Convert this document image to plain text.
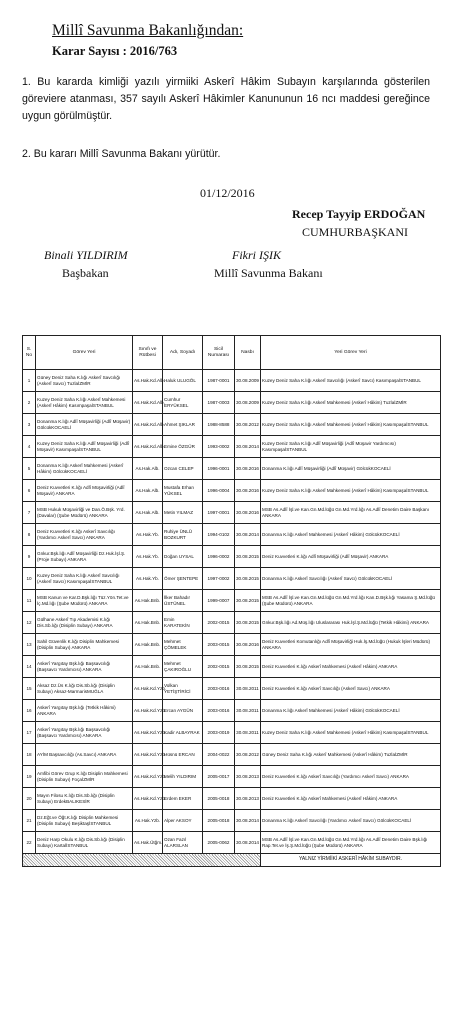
Millî Savunma Bakanlığından:
Karar Sayısı : 2016/763
1. Bu kararda kimliği yazılı yirmiiki Askerî Hâkim Subayın karşılarında gösterilen göreviere atanması, 357 sayılı Askerî Hâkimler Kanununun 16 ncı maddesi gereğince uygun görülmüştür.
2. Bu kararı Millî Savunma Bakanı yürütür.
01/12/2016
Recep Tayyip ERDOĞAN
CUMHURBAŞKANI
Binali YILDIRIM
Başbakan
Fikri IŞIK
Millî Savunma Bakanı
S. No	Görev Yeri	Sınıfı ve Rütbesi	Adı, Soyadı	Sicil Numarası	Nasbı	Yeri Görev Yeri
1	Güney Deniz Saha K.lığı Askerî Savcılığı (Askerî Savcı) TuzlaİZMİR	As.Hak.Kd.Alb.	Haluk ULUGÖL	1987-0001	30.08.2009	Kuzey Deniz Saha K.lığı Askerî Savcılığı (Askerî Savcı) KasımpaşaİSTANBUL
2	Kuzey Deniz Saha K.lığı Askerî Mahkemesi (Askerî Hâkim) KasımpaşaİSTANBUL	As.Hak.Kd.Alb.	Cumhur ERYÜKSEL	1987-0003	30.08.2009	Kuzey Deniz Saha K.lığı Askerî Mahkemesi (Askerî Hâkim) TuzlaİZMİR
3	Donanma K.lığı Adlî Müşavirliği (Adlî Müşavir) GölcükKOCAELİ	As.Hak.Kd.Alb.	Ahmet ŞIKLAR	1988-8588	30.08.2012	Kuzey Deniz Saha K.lığı Askerî Mahkemesi (Askerî Hâkim) KasımpaşaİSTANBUL
4	Kuzey Deniz Saha K.lığı Adlî Müşavirliği (Adlî Müşavir) KasımpaşaİSTANBUL	As.Hak.Kd.Alb.	Emine ÖZGÜR	1993-0002	30.08.2014	Kuzey Deniz Saha K.lığı Adlî Müşavirliği (Adlî Müşavir Yardımcısı) KasımpaşaİSTANBUL
5	Donanma K.lığı Askerî Mahkemesi (Askerî Hâkim) GölcükKOCAELİ	As.Hak.Alb.	Ozcan CELEP	1996-0001	30.08.2016	Donanma K.lığı Adlî Müşavirliği (Adlî Müşavir) GölcükKOCAELİ
6	Deniz Kuvvetleri K.lığı Adlî Müşavirliği (Adlî Müşavir) ANKARA	As.Hak.Alb.	Mustafa Erhan YÜKSEL	1996-0004	30.08.2016	Kuzey Deniz Saha K.lığı Askerî Mahkemesi (Askerî Hâkim) KasımpaşaİSTANBUL
7	MSB Hukuk Müşavirliği ve Dan.Ö.Bşk. Yrd. (Davalar) (Şube Müdürü) ANKARA	As.Hak.Alb.	Metin YILMAZ	1997-0001	30.08.2016	MSB As.Adlî İşl.ve Kan.Gn.Md.lüğü Gn.Md.Yrd.lığı As.Adlî Denetim Daire Başkanı ANKARA
8	Deniz Kuvvetleri K.lığı Askerî Savcılığı (Yardımcı Askerî Savcı) ANKARA	As.Hak.Yb.	Ruhiye ÜNLÜ BOZKURT	1994-0102	30.08.2014	Donanma K.lığı Askerî Mahkemesi (Askerî Hâkim) GölcükKOCAELİ
9	Gnkur.Bşk.lığı Adlî Müşavirliği Dz.Huk.İşl.Ş. (Proje Subayı) ANKARA	As.Hak.Yb.	Doğan UYSAL	1996-0002	30.08.2015	Deniz Kuvvetleri K.lığı Adlî Müşavirliği (Adlî Müşavir) ANKARA
10	Kuzey Deniz Saha K.lığı Askerî Savcılığı (Askerî Savcı) KasımpaşaİSTANBUL	As.Hak.Yb.	Ömer ŞENTEPE	1997-0002	30.08.2015	Donanma K.lığı Askerî Savcılığı (Askerî Savcı) GölcükKOCAELİ
11	MSB Kanun ve Kar.D.Bşk.lığı Tüz.Yön.Tet.ve İç.Md.lığı (Şube Müdürü) ANKARA	As.Hak.Bnb.	İlker Bahadır ÜSTÜNEL	1999-0007	30.08.2015	MSB As.Adlî İşl.ve Kan.Gn.Md.lüğü Gn.Md.Yrd.lığı Kan.D.Bşk.lığı Yasama Ş.Md.lüğü (Şube Müdürü) ANKARA
12	Gülhane Askerî Tıp Akademisi K.lığı Dis.Sb.lığı (Disiplin Subayı) ANKARA	As.Hak.Bnb.	Emin KARATEKİN	2002-0015	30.08.2015	Gnkur.Bşk.lığı Ad.Müş.lığı Uluslararası Huk.İşl.Ş.Md.lüğü (Tetkik Hâkimi) ANKARA
13	Sahil Güvenlik K.lığı Disiplin Mahkemesi (Disiplin Subayı) ANKARA	As.Hak.Bnb.	Mehmet ÇÖMELEK	2003-0015	30.08.2016	Deniz Kuvvetleri Komutanlığı Adlî Müşavirliği Huk.İş.Md.lüğü (Hukuk İşleri Müdürü) ANKARA
14	Askerî Yargıtay Bşk.lığı Başsavcılığı (Başsavcı Yardımcısı) ANKARA	As.Hak.Bnb.	Mehmet ÇAKIROĞLU	2002-0015	30.08.2015	Deniz Kuvvetleri K.lığı Askerî Mahkemesi (Askerî Hâkim) ANKARA
15	Aksaz Dz.Üs K.lığı Dis.Sb.lığı (Disiplin Subayı) Aksaz-MarmarisMUĞLA	As.Hak.Kd.Yzb.	Volkan YETİŞTİRİCİ	2003-0016	30.08.2011	Deniz Kuvvetleri K.lığı Askerî Savcılığı (Askerî Savcı) ANKARA
16	Askerî Yargıtay Bşk.lığı (Tetkik Hâkimi) ANKARA	As.Hak.Kd.Yzb.	Ercan AYGÜN	2003-0016	30.08.2011	Donanma K.lığı Askerî Mahkemesi (Askerî Hâkim) GölcükKOCAELİ
17	Askerî Yargıtay Bşk.lığı Başsavcılığı (Başsavcı Yardımcısı) ANKARA	As.Hak.Kd.Yzb.	Kadir ALBAYRAK	2003-0019	30.08.2011	Kuzey Deniz Saha K.lığı Askerî Mahkemesi (Askerî Hâkim) KasımpaşaİSTANBUL
18	AYİM Başsavcılığı (As.Savcı) ANKARA	As.Hak.Kd.Yzb.	Hüsnü ERCAN	2004-0022	30.08.2012	Güney Deniz Saha K.lığı Askerî Mahkemesi (Askerî Hâkim) TuzlaİZMİR
19	Amfibi Görev Grup K.lığı Disiplin Mahkemesi (Disiplin Subayı) FoçaİZMİR	As.Hak.Kd.Yzb.	Melih YILDIRIM	2005-0017	30.08.2013	Deniz Kuvvetleri K.lığı Askerî Savcılığı (Yardımcı Askerî Savcı) ANKARA
20	Mayın Filosu K.lığı Dis.Sb.lığı (Disiplin Subayı) ErdekBALIKESİR	As.Hak.Kd.Yzb.	Erdem EKER	2005-0018	30.08.2013	Deniz Kuvvetleri K.lığı Askerî Mahkemesi (Askerî Hâkim) ANKARA
21	Dz.Eğt.ve Öğt.K.lığı Disiplin Mahkemesi (Disiplin Subayı) BeşiktaşİSTANBUL	As.Hak.Yzb.	Alper AKSOY	2005-0018	30.08.2014	Donanma K.lığı Askerî Savcılığı (Yardımcı Askerî Savcı) GölcükKOCAELİ
22	Deniz Harp Okulu K.lığı Dis.Sb.lığı (Disiplin Subayı) KartalİSTANBUL	As.Hak.Ütğm.	Ozan Fazıl ALARSLAN	2005-0062	30.08.2014	MSB As.Adlî İşl.ve Kan.Gn.Md.lüğü Gn.Md.Yrd.lığı As.Adlî Denetim Daire Bşk.lığı Rap.Tet.ve İş.Ş.Md.lüğü (Şube Müdürü) ANKARA
						YALNIZ YİRMİİKİ ASKERÎ HÂKİM SUBAYDIR.
